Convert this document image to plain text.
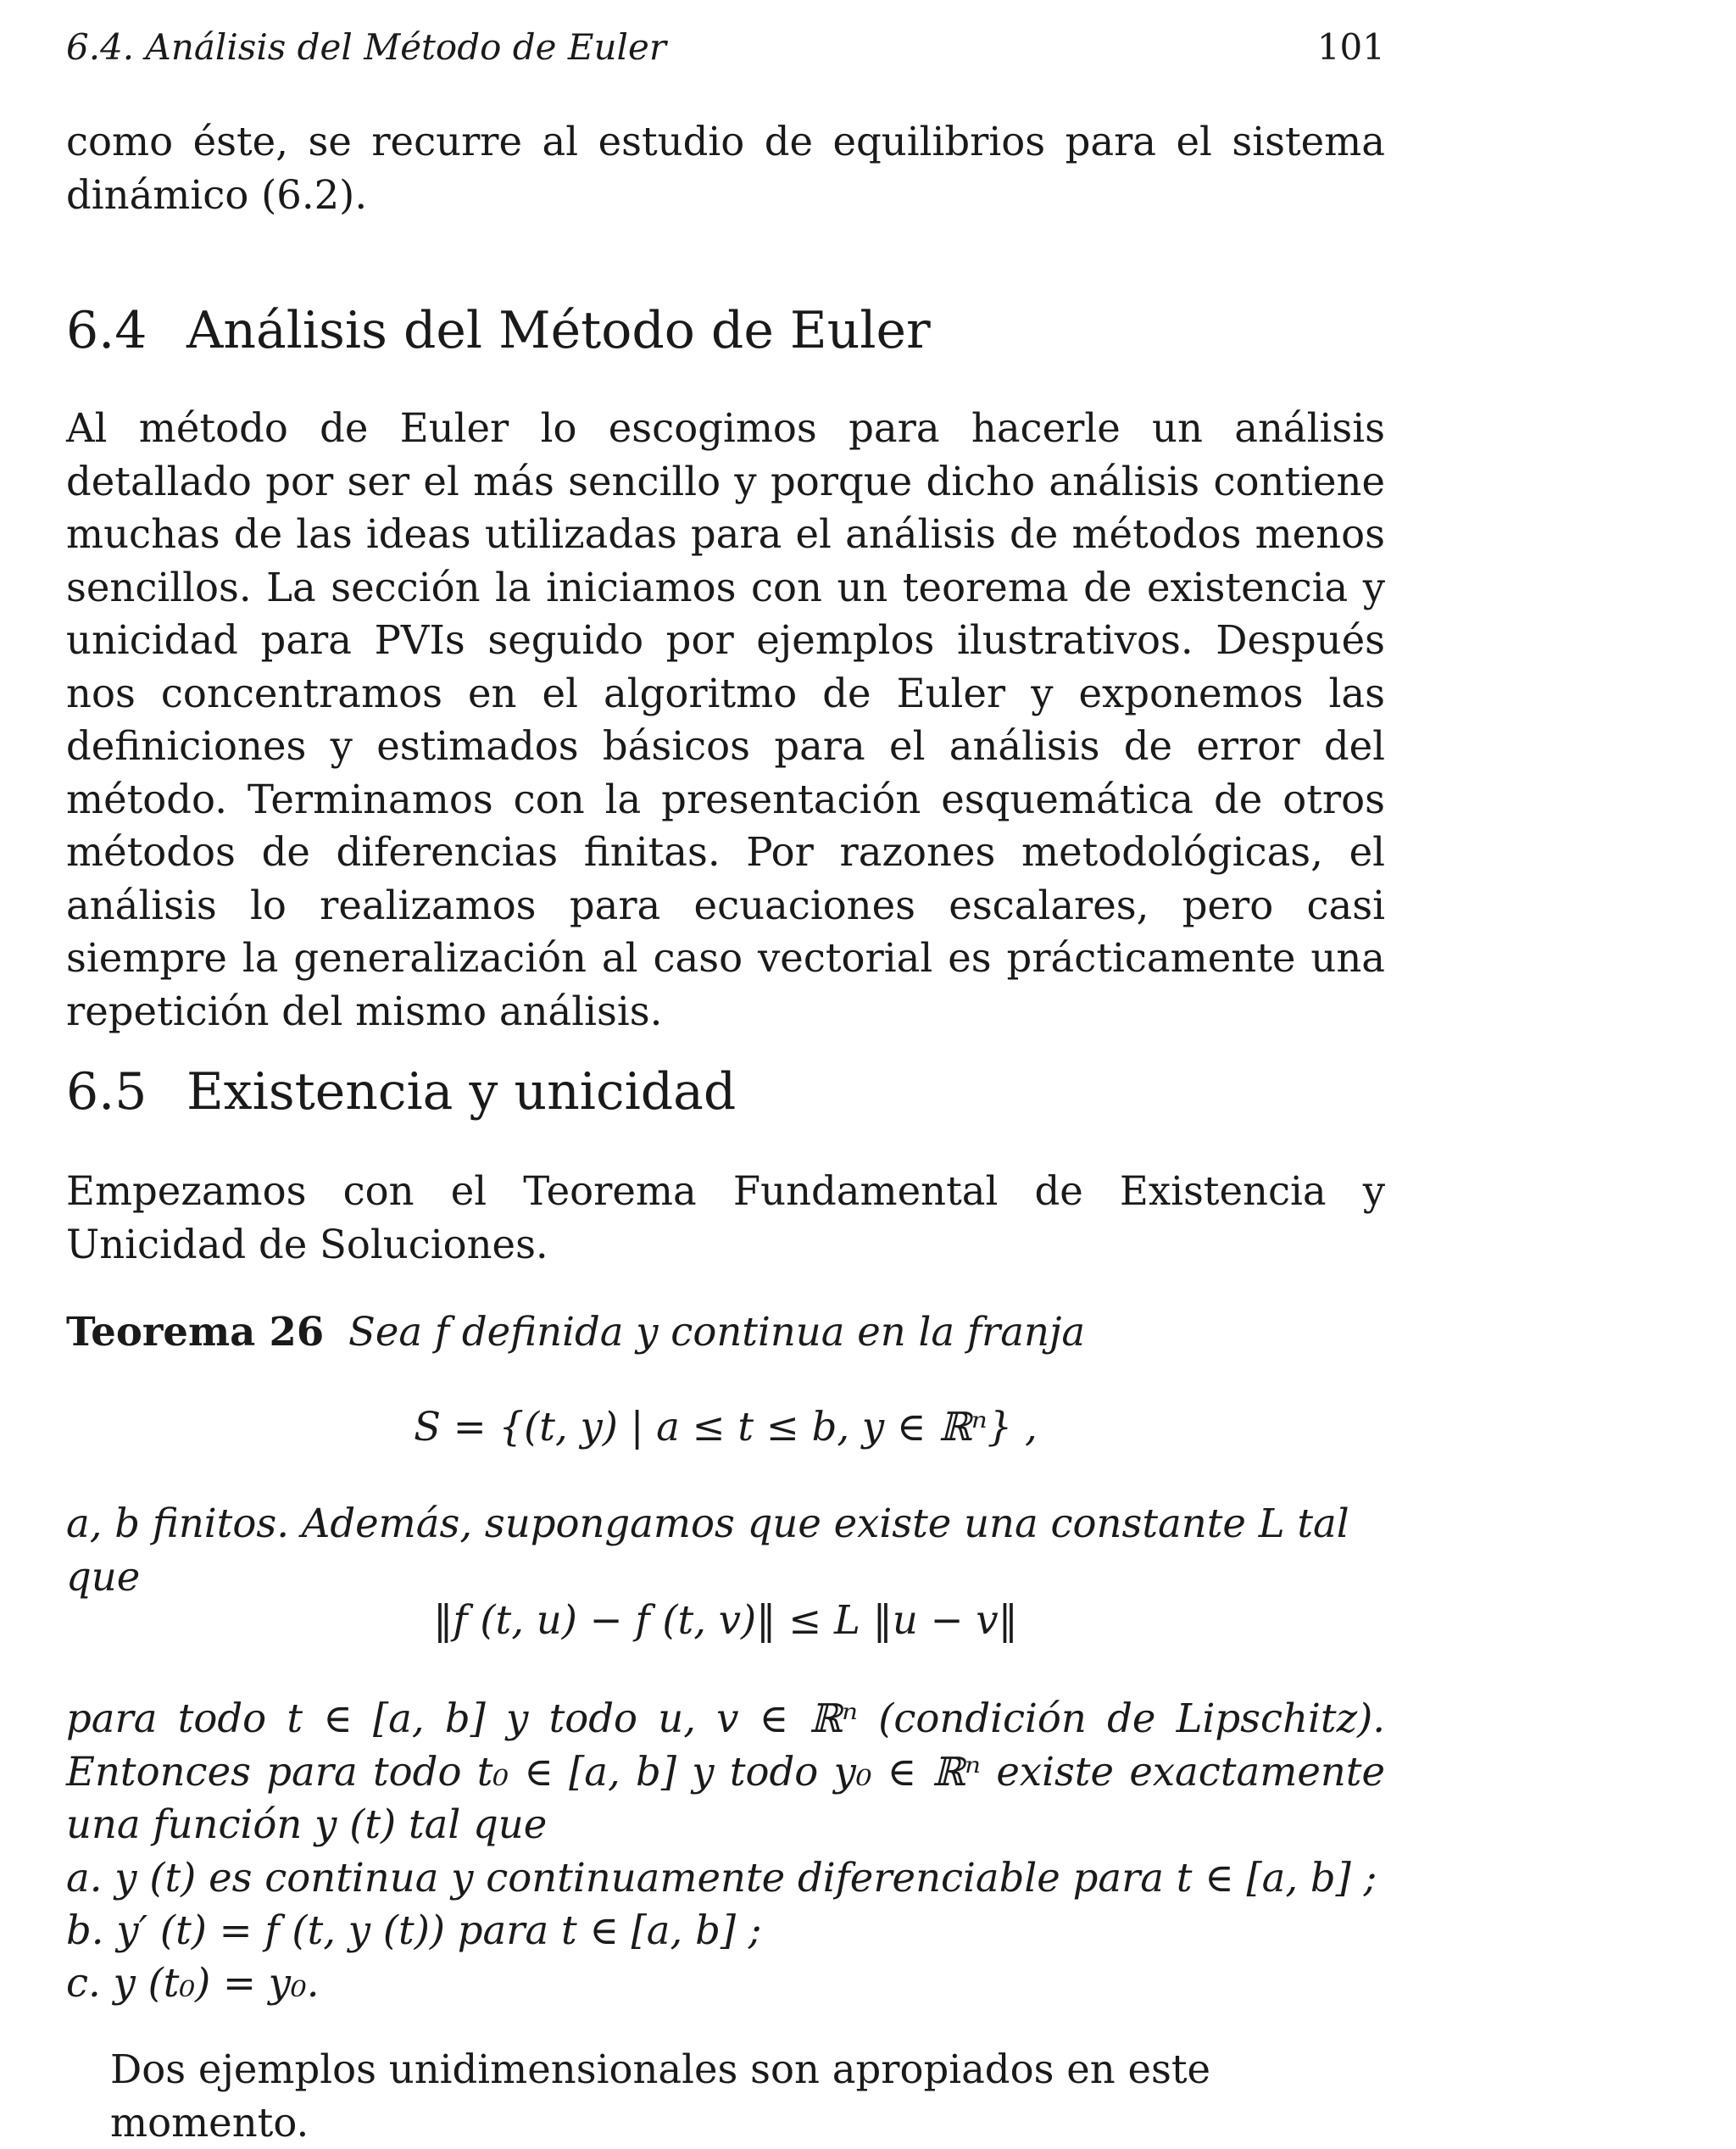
6.4. Análisis del Método de Euler	101

como éste, se recurre al estudio de equilibrios para el sistema dinámico (6.2).

6.4 Análisis del Método de Euler

Al método de Euler lo escogimos para hacerle un análisis detallado por ser el más sencillo y porque dicho análisis contiene muchas de las ideas utilizadas para el análisis de métodos menos sencillos. La sección la iniciamos con un teorema de existencia y unicidad para PVIs seguido por ejemplos ilustrativos. Después nos concentramos en el algoritmo de Euler y exponemos las definiciones y estimados básicos para el análisis de error del método. Terminamos con la presentación esquemática de otros métodos de diferencias finitas. Por razones metodológicas, el análisis lo realizamos para ecuaciones escalares, pero casi siempre la generalización al caso vectorial es prácticamente una repetición del mismo análisis.

6.5 Existencia y unicidad

Empezamos con el Teorema Fundamental de Existencia y Unicidad de Soluciones.

Teorema 26 Sea f definida y continua en la franja
S = {(t, y) | a ≤ t ≤ b, y ∈ ℝⁿ} ,
a, b finitos. Además, supongamos que existe una constante L tal que
‖f (t, u) − f (t, v)‖ ≤ L ‖u − v‖

para todo t ∈ [a, b] y todo u, v ∈ ℝⁿ (condición de Lipschitz). Entonces para todo t₀ ∈ [a, b] y todo y₀ ∈ ℝⁿ existe exactamente una función y (t) tal que

a. y (t) es continua y continuamente diferenciable para t ∈ [a, b] ;
b. y′ (t) = f (t, y (t)) para t ∈ [a, b] ;
c. y (t₀) = y₀.
Dos ejemplos unidimensionales son apropiados en este momento.
